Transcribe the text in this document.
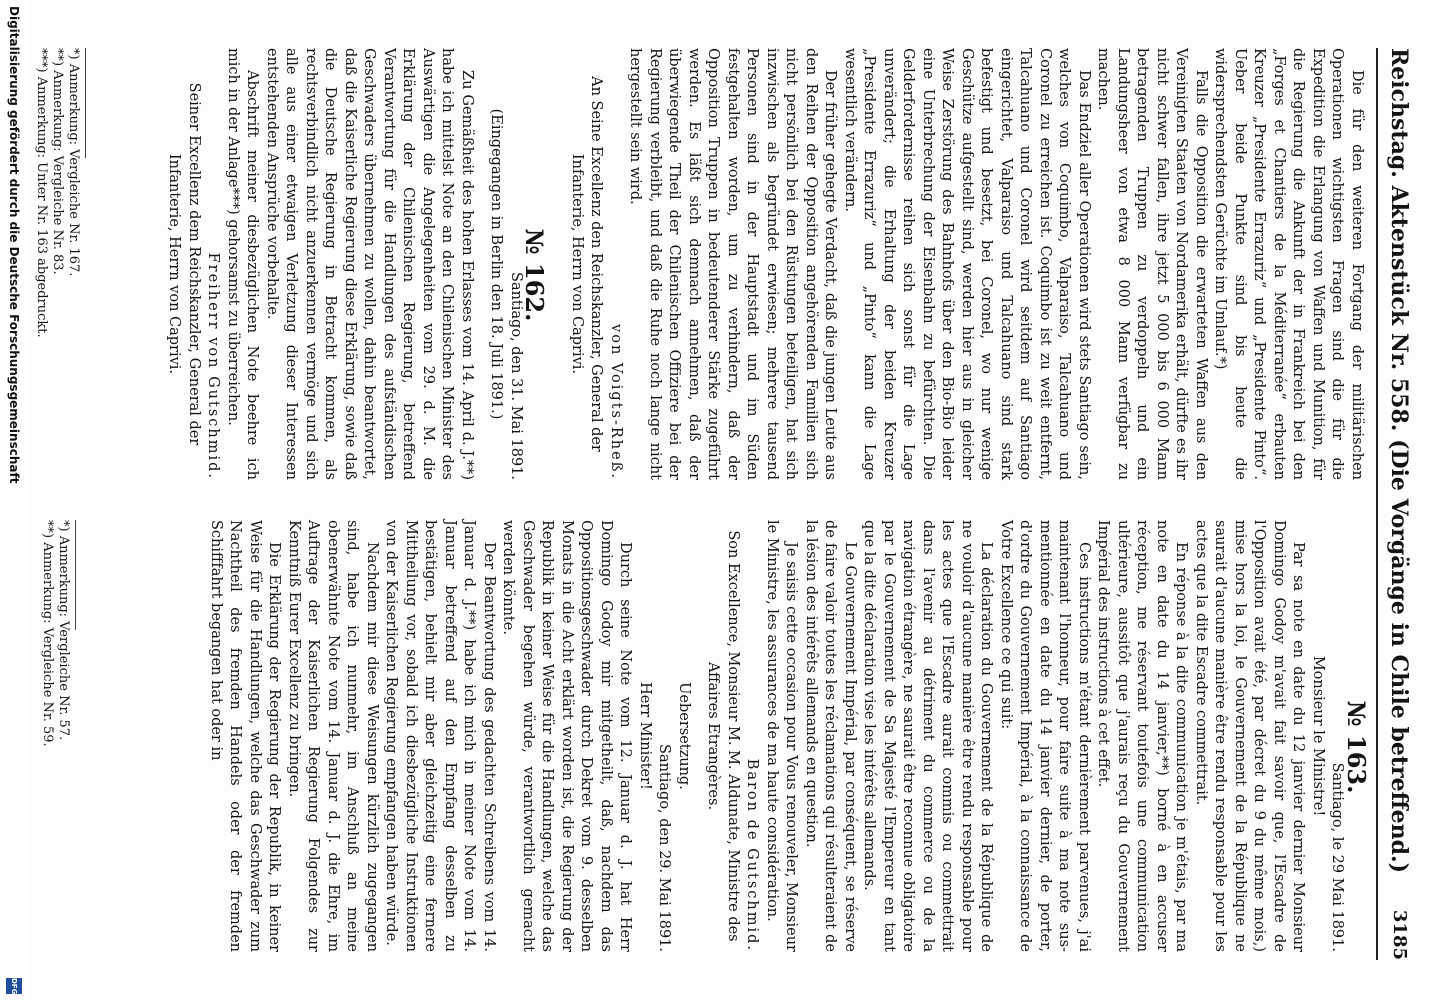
Reichstag. Aktenstück Nr. 558. (Die Vorgänge in Chile betreffend.)
3185

Die für den weiteren Fortgang der militärischen Operationen wichtigsten Fragen sind die für die Expedition die Erlangung von Waffen und Munition, für die Regierung die Ankunft der in Frankreich bei den „Forges et Chantiers de la Méditerranée“ erbauten Kreuzer „Presidente Errazuriz“ und „Presidente Pinto“. Ueber beide Punkte sind bis heute die widersprechendsten Gerüchte im Umlauf.*)

Falls die Opposition die erwarteten Waffen aus den Vereinigten Staaten von Nordamerika erhält, dürfte es ihr nicht schwer fallen, ihre jetzt 5 000 bis 6 000 Mann betragenden Truppen zu verdoppeln und ein Landungsheer von etwa 8 000 Mann verfügbar zu machen.

Das Endziel aller Operationen wird stets Santiago sein, welches von Coquimbo, Valparaiso, Talcahuano und Coronel zu erreichen ist. Coquimbo ist zu weit entfernt, Talcahuano und Coronel wird seitdem auf Santiago eingerichtet, Valparaiso und Talcahuano sind stark befestigt und besetzt, bei Coronel, wo nur wenige Geschütze aufgestellt sind, werden hier aus in gleicher Weise Zerstörung des Bahnhofs über den Bio-Bio leider eine Unterbrechung der Eisenbahn zu befürchten. Die Gelderfordernisse reihen sich sonst für die Lage unverändert; die Erhaltung der beiden Kreuzer „Presidente Errazuriz“ und „Pinto“ kann die Lage wesentlich verändern.

Der früher gehegte Verdacht, daß die jungen Leute aus den Reihen der Opposition angehörenden Familien sich nicht persönlich bei den Rüstungen beteiligen, hat sich inzwischen als begründet erwiesen; mehrere tausend Personen sind in der Hauptstadt und im Süden festgehalten worden, um zu verhindern, daß der Opposition Truppen in bedeutenderer Stärke zugeführt werden. Es läßt sich demnach annehmen, daß der überwiegende Theil der Chilenischen Offiziere bei der Regierung verbleibt, und daß die Ruhe noch lange nicht hergestellt sein wird.

von Voigts-Rheß.

An Seine Excellenz den Reichskanzler, General der Infanterie, Herrn von Caprivi.

№ 162.

Santiago, den 31. Mai 1891.

(Eingegangen in Berlin den 18. Juli 1891.)

Zu Gemäßheit des hohen Erlasses vom 14. April d. J.**) habe ich mittelst Note an den Chilenischen Minister des Auswärtigen die Angelegenheiten vom 29. d. M. die Erklärung der Chilenischen Regierung, betreffend Verantwortung für die Handlungen des aufständischen Geschwaders übernehmen zu wollen, dahin beantwortet, daß die Kaiserliche Regierung diese Erklärung, sowie daß die Deutsche Regierung in Betracht kommen, als rechtsverbindlich nicht anzuerkennen vermöge und sich alle aus einer etwaigen Verletzung dieser Interessen entstehenden Ansprüche vorbehalte.

Abschrift meiner diesbezüglichen Note beehre ich mich in der Anlage***) gehorsamst zu überreichen.

Freiherr von Gutschmid.

Seiner Excellenz dem Reichskanzler, General der Infanterie, Herrn von Caprivi.

*) Anmerkung: Vergleiche Nr. 167.
**) Anmerkung: Vergleiche Nr. 83.
***) Anmerkung: Unter Nr. 163 abgedruckt.

№ 163.

Santiago, le 29 Mai 1891.

Monsieur le Ministre!

Par sa note en date du 12 janvier dernier Monsieur Domingo Godoy m'avait fait savoir que, l'Escadre de l'Opposition avait été, par décret du 9 du même mois,) mise hors la loi, le Gouvernement de la République ne saurait d'aucune manière être rendu responsable pour les actes que la dite Escadre commettrait.

En réponse à la dite communication je m'étais, par ma note en date du 14 janvier,**) borné à en accuser réception, me réservant toutefois une communication ultérieure, aussitôt que j'aurais reçu du Gouvernement Impérial des instructions à cet effet.

Ces instructions m'étant dernièrement parvenues, j'ai maintenant l'honneur, pour faire suite à ma note sus-mentionnée en date du 14 janvier dernier, de porter, d'ordre du Gouvernement Impérial, à la connaissance de Votre Excellence ce qui suit:

La déclaration du Gouvernement de la République de ne vouloir d'aucune manière être rendu responsable pour les actes que l'Escadre aurait commis ou commettrait dans l'avenir au détriment du commerce ou de la navigation étrangère, ne saurait être reconnue obligatoire par le Gouvernement de Sa Majesté l'Empereur en tant que la dite déclaration vise les intérêts allemands.

Le Gouvernement Impérial, par conséquent, se réserve de faire valoir toutes les réclamations qui résulteraient de la lésion des intérêts allemands en question.

Je saisis cette occasion pour Vous renouveler, Monsieur le Ministre, les assurances de ma haute considération.

Baron de Gutschmid.

Son Excellence, Monsieur M. M. Aldunate, Ministre des Affaires Etrangères.

Uebersetzung.

Santiago, den 29. Mai 1891.

Herr Minister!

Durch seine Note vom 12. Januar d. J. hat Herr Domingo Godoy mir mitgetheilt, daß, nachdem das Oppositionsgeschwader durch Dekret vom 9. desselben Monats in die Acht erklärt worden ist, die Regierung der Republik in keiner Weise für die Handlungen, welche das Geschwader begehen würde, verantwortlich gemacht werden könnte.

Der Beantwortung des gedachten Schreibens vom 14. Januar d. J.**) habe ich mich in meiner Note vom 14. Januar betreffend auf den Empfang desselben zu bestätigen, behielt mir aber gleichzeitig eine fernere Mittheilung vor, sobald ich diesbezügliche Instruktionen von der Kaiserlichen Regierung empfangen haben würde.

Nachdem mir diese Weisungen kürzlich zugegangen sind, habe ich nunmehr, im Anschluß an meine obenerwähnte Note vom 14. Januar d. J. die Ehre, im Auftrage der Kaiserlichen Regierung Folgendes zur Kenntniß Eurer Excellenz zu bringen.

Die Erklärung der Regierung der Republik, in keiner Weise für die Handlungen, welche das Geschwader zum Nachtheil des fremden Handels oder der fremden Schifffahrt begangen hat oder in

*) Anmerkung: Vergleiche Nr. 57.
**) Anmerkung: Vergleiche Nr. 59.
Digitalisierung gefördert durch die Deutsche Forschungsgemeinschaft
DFG
